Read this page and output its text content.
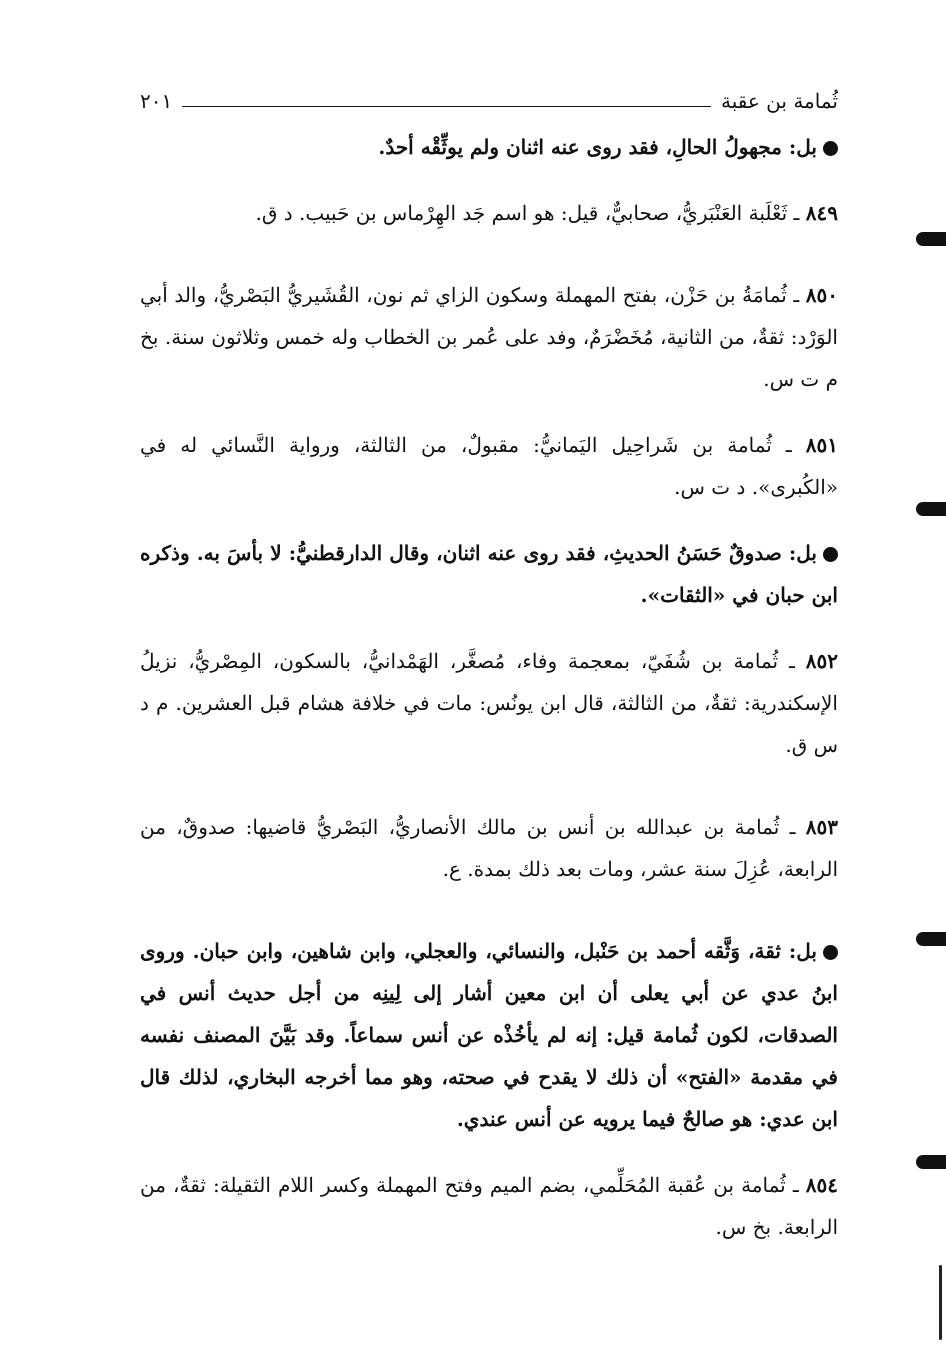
ثُمامة بن عقبة
٢٠١

بل: مجهولُ الحالِ، فقد روى عنه اثنان ولم يوثِّقْه أحدٌ.

٨٤٩ ـ ثَعْلَبة العَنْبَريُّ، صحابيٌّ، قيل: هو اسم جَد الهِرْماس بن حَبيب. د ق.

٨٥٠ ـ ثُمامَةُ بن حَزْن، بفتح المهملة وسكون الزاي ثم نون، القُشَيريُّ البَصْريُّ، والد أبي الوَرْد: ثقةٌ، من الثانية، مُخَضْرَمٌ، وفد على عُمر بن الخطاب وله خمس وثلاثون سنة. بخ م ت س.

٨٥١ ـ ثُمامة بن شَراحِيل اليَمانيُّ: مقبولٌ، من الثالثة، ورواية النَّسائي له في «الكُبرى». د ت س.

بل: صدوقٌ حَسَنُ الحديثِ، فقد روى عنه اثنان، وقال الدارقطنيُّ: لا بأسَ به. وذكره ابن حبان في «الثقات».

٨٥٢ ـ ثُمامة بن شُفَيّ، بمعجمة وفاء، مُصغَّر، الهَمْدانيُّ، بالسكون، المِصْريُّ، نزيلُ الإسكندرية: ثقةٌ، من الثالثة، قال ابن يونُس: مات في خلافة هشام قبل العشرين. م د س ق.

٨٥٣ ـ ثُمامة بن عبدالله بن أنس بن مالك الأنصاريُّ، البَصْريُّ قاضيها: صدوقٌ، من الرابعة، عُزِلَ سنة عشر، ومات بعد ذلك بمدة. ع.

بل: ثقة، وَثَّقه أحمد بن حَنْبل، والنسائي، والعجلي، وابن شاهين، وابن حبان. وروى ابنُ عدي عن أبي يعلى أن ابن معين أشار إلى لِينِه من أجل حديث أنس في الصدقات، لكون ثُمامة قيل: إنه لم يأخُذْه عن أنس سماعاً. وقد بَيَّنَ المصنف نفسه في مقدمة «الفتح» أن ذلك لا يقدح في صحته، وهو مما أخرجه البخاري، لذلك قال ابن عدي: هو صالحٌ فيما يرويه عن أنس عندي.

٨٥٤ ـ ثُمامة بن عُقبة المُحَلِّمي، بضم الميم وفتح المهملة وكسر اللام الثقيلة: ثقةٌ، من الرابعة. بخ س.
